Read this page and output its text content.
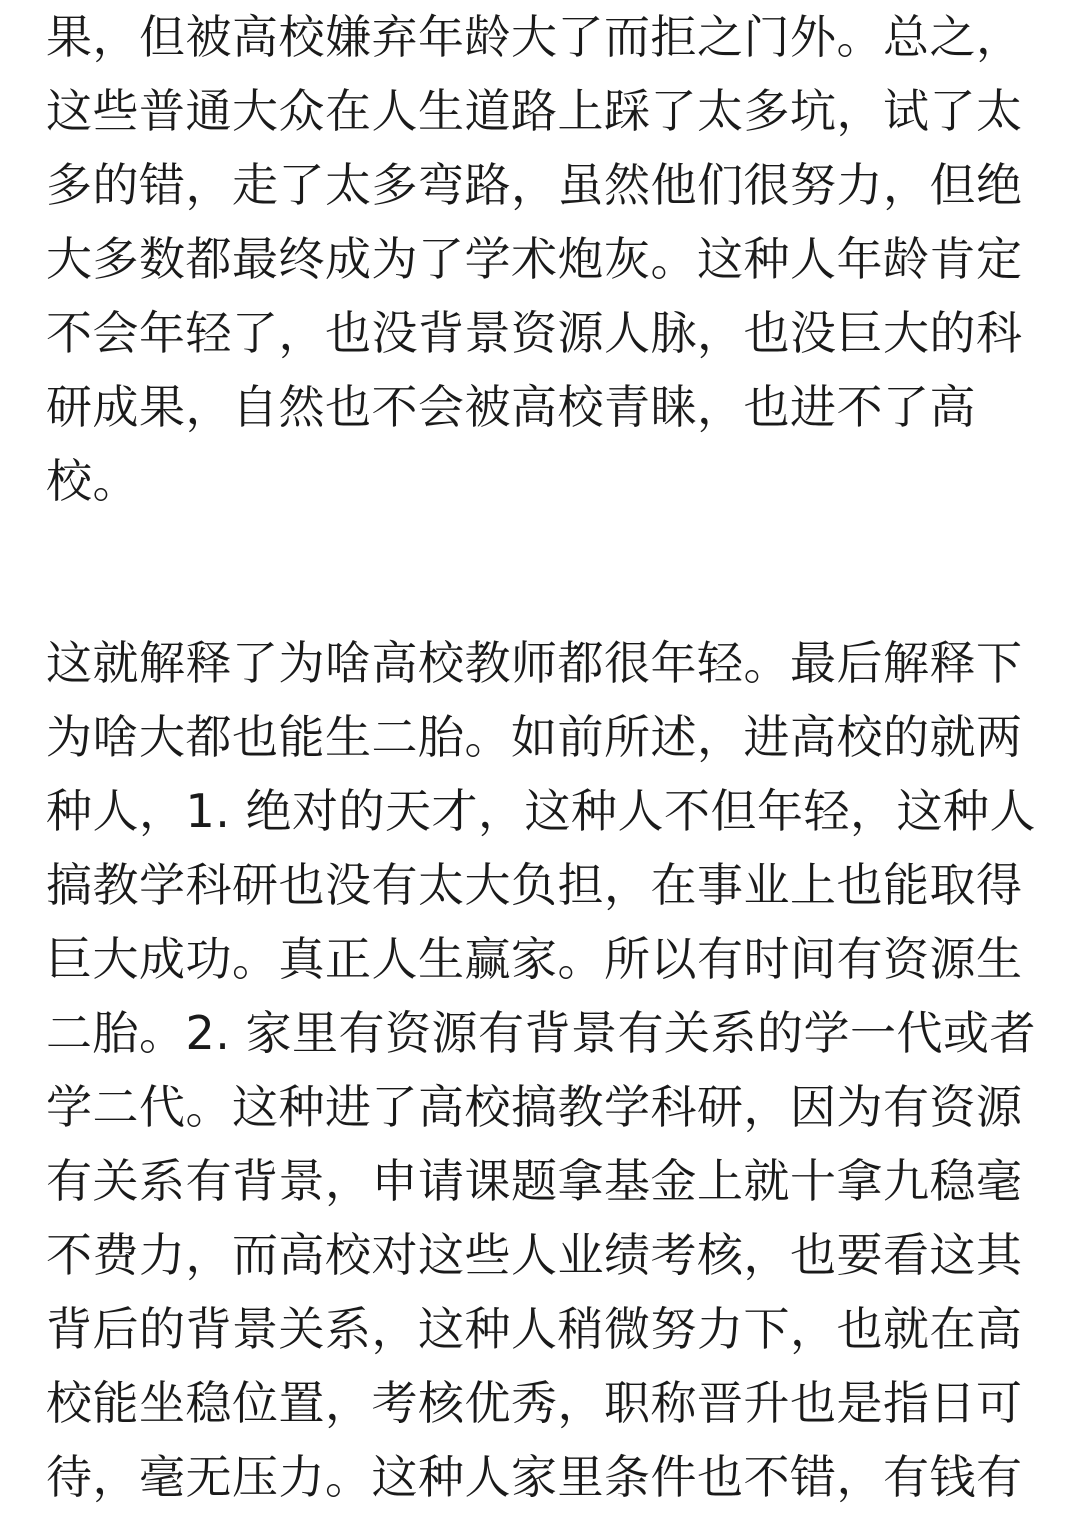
果，但被高校嫌弃年龄大了而拒之门外。总之，
这些普通大众在人生道路上踩了太多坑，试了太
多的错，走了太多弯路，虽然他们很努力，但绝
大多数都最终成为了学术炮灰。这种人年龄肯定
不会年轻了，也没背景资源人脉，也没巨大的科
研成果，自然也不会被高校青睐，也进不了高
校。
这就解释了为啥高校教师都很年轻。最后解释下
为啥大都也能生二胎。如前所述，进高校的就两
种人，1. 绝对的天才，这种人不但年轻，这种人
搞教学科研也没有太大负担，在事业上也能取得
巨大成功。真正人生赢家。所以有时间有资源生
二胎。2. 家里有资源有背景有关系的学一代或者
学二代。这种进了高校搞教学科研，因为有资源
有关系有背景，申请课题拿基金上就十拿九稳毫
不费力，而高校对这些人业绩考核，也要看这其
背后的背景关系，这种人稍微努力下，也就在高
校能坐稳位置，考核优秀，职称晋升也是指日可
待，毫无压力。这种人家里条件也不错，有钱有
